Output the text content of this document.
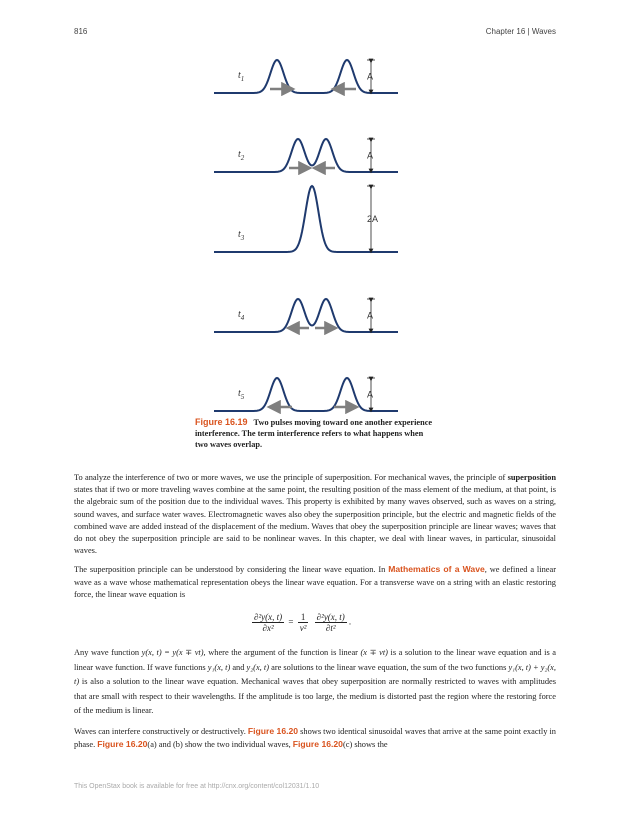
816	Chapter 16 | Waves
$t_1$	A
$t_2$	A
$t_3$
2A
$t_4$	A
$t_5$	A
Figure 16.19 Two pulses moving toward one another experience interference. The term interference refers to what happens when two waves overlap.

To analyze the interference of two or more waves, we use the principle of superposition. For mechanical waves, the principle of superposition states that if two or more traveling waves combine at the same point, the resulting position of the mass element of the medium, at that point, is the algebraic sum of the position due to the individual waves. This property is exhibited by many waves observed, such as waves on a string, sound waves, and surface water waves. Electromagnetic waves also obey the superposition principle, but the electric and magnetic fields of the combined wave are added instead of the displacement of the medium. Waves that obey the superposition principle are linear waves; waves that do not obey the superposition principle are said to be nonlinear waves. In this chapter, we deal with linear waves, in particular, sinusoidal waves.

The superposition principle can be understood by considering the linear wave equation. In Mathematics of a Wave, we defined a linear wave as a wave whose mathematical representation obeys the linear wave equation. For a transverse wave on a string with an elastic restoring force, the linear wave equation is

$\frac{\text{∂²y(x, t)}}{\text{∂x²}} = \frac{1}{\text{v²}}$
$\frac{\text{∂²y(x, t)}}{\text{∂t²}}$ .

Any wave function y(x, t) = y(x ∓ vt), where the argument of the function is linear (x ∓ vt) is a solution to the linear wave equation and is a linear wave function. If wave functions y₁(x, t) and y₂(x, t) are solutions to the linear wave equation, the sum of the two functions y₁(x, t) + y₂(x, t) is also a solution to the linear wave equation. Mechanical waves that obey superposition are normally restricted to waves with amplitudes that are small with respect to their wavelengths. If the amplitude is too large, the medium is distorted past the region where the restoring force of the medium is linear.

Waves can interfere constructively or destructively. Figure 16.20 shows two identical sinusoidal waves that arrive at the same point exactly in phase. Figure 16.20(a) and (b) show the two individual waves, Figure 16.20(c) shows the

This OpenStax book is available for free at http://cnx.org/content/col12031/1.10
